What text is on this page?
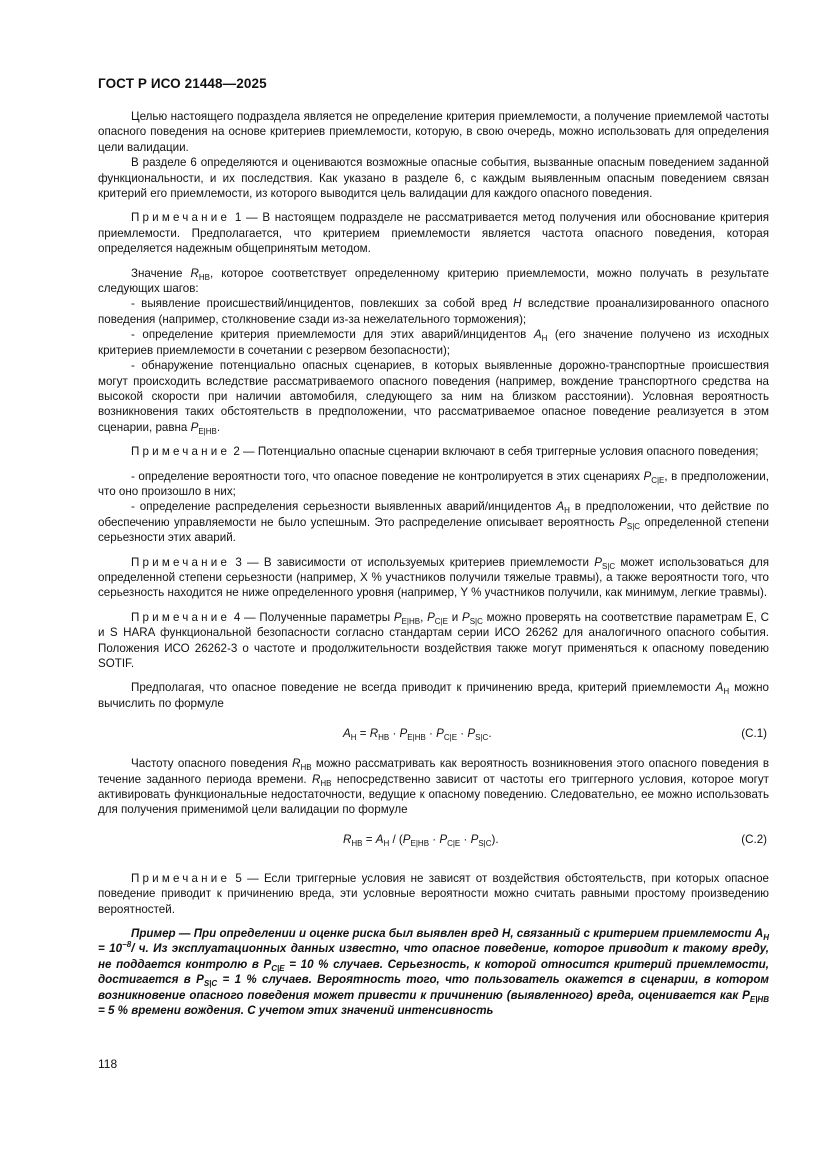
ГОСТ Р ИСО 21448—2025

Целью настоящего подраздела является не определение критерия приемлемости, а получение приемлемой частоты опасного поведения на основе критериев приемлемости, которую, в свою очередь, можно использовать для определения цели валидации.

В разделе 6 определяются и оцениваются возможные опасные события, вызванные опасным поведением заданной функциональности, и их последствия. Как указано в разделе 6, с каждым выявленным опасным поведением связан критерий его приемлемости, из которого выводится цель валидации для каждого опасного поведения.

Примечание 1 — В настоящем подразделе не рассматривается метод получения или обоснование критерия приемлемости. Предполагается, что критерием приемлемости является частота опасного поведения, которая определяется надежным общепринятым методом.

Значение $R_{HB}$, которое соответствует определенному критерию приемлемости, можно получать в результате следующих шагов:

- выявление происшествий/инцидентов, повлекших за собой вред H вследствие проанализированного опасного поведения (например, столкновение сзади из-за нежелательного торможения);

- определение критерия приемлемости для этих аварий/инцидентов $A_H$ (его значение получено из исходных критериев приемлемости в сочетании с резервом безопасности);

- обнаружение потенциально опасных сценариев, в которых выявленные дорожно-транспортные происшествия могут происходить вследствие рассматриваемого опасного поведения (например, вождение транспортного средства на высокой скорости при наличии автомобиля, следующего за ним на близком расстоянии). Условная вероятность возникновения таких обстоятельств в предположении, что рассматриваемое опасное поведение реализуется в этом сценарии, равна $P_{E|HB}$.

Примечание 2 — Потенциально опасные сценарии включают в себя триггерные условия опасного поведения;

- определение вероятности того, что опасное поведение не контролируется в этих сценариях $P_{C|E}$, в предположении, что оно произошло в них;

- определение распределения серьезности выявленных аварий/инцидентов $A_H$ в предположении, что действие по обеспечению управляемости не было успешным. Это распределение описывает вероятность $P_{S|C}$ определенной степени серьезности этих аварий.

Примечание 3 — В зависимости от используемых критериев приемлемости $P_{S|C}$ может использоваться для определенной степени серьезности (например, X % участников получили тяжелые травмы), а также вероятности того, что серьезность находится не ниже определенного уровня (например, Y % участников получили, как минимум, легкие травмы).

Примечание 4 — Полученные параметры $P_{E|HB}$, $P_{C|E}$ и $P_{S|C}$ можно проверять на соответствие параметрам E, C и S HARA функциональной безопасности согласно стандартам серии ИСО 26262 для аналогичного опасного события. Положения ИСО 26262-3 о частоте и продолжительности воздействия также могут применяться к опасному поведению SOTIF.

Предполагая, что опасное поведение не всегда приводит к причинению вреда, критерий приемлемости $A_H$ можно вычислить по формуле

$A_H = R_{HB} \cdot P_{E|HB} \cdot P_{C|E} \cdot P_{S|C}$.	(C.1)

Частоту опасного поведения $R_{HB}$ можно рассматривать как вероятность возникновения этого опасного поведения в течение заданного периода времени. $R_{HB}$ непосредственно зависит от частоты его триггерного условия, которое могут активировать функциональные недостаточности, ведущие к опасному поведению. Следовательно, ее можно использовать для получения применимой цели валидации по формуле

$R_{HB} = A_H / (P_{E|HB} \cdot P_{C|E} \cdot P_{S|C})$.	(C.2)

Примечание 5 — Если триггерные условия не зависят от воздействия обстоятельств, при которых опасное поведение приводит к причинению вреда, эти условные вероятности можно считать равными простому произведению вероятностей.

Пример — При определении и оценке риска был выявлен вред H, связанный с критерием приемлемости $A_H = 10^{-8}/$ ч. Из эксплуатационных данных известно, что опасное поведение, которое приводит к такому вреду, не поддается контролю в $P_{C|E} = 10$ % случаев. Серьезность, к которой относится критерий приемлемости, достигается в $P_{S|C} = 1$ % случаев. Вероятность того, что пользователь окажется в сценарии, в котором возникновение опасного поведения может привести к причинению (выявленного) вреда, оценивается как $P_{E|HB} = 5$ % времени вождения. С учетом этих значений интенсивность

118
